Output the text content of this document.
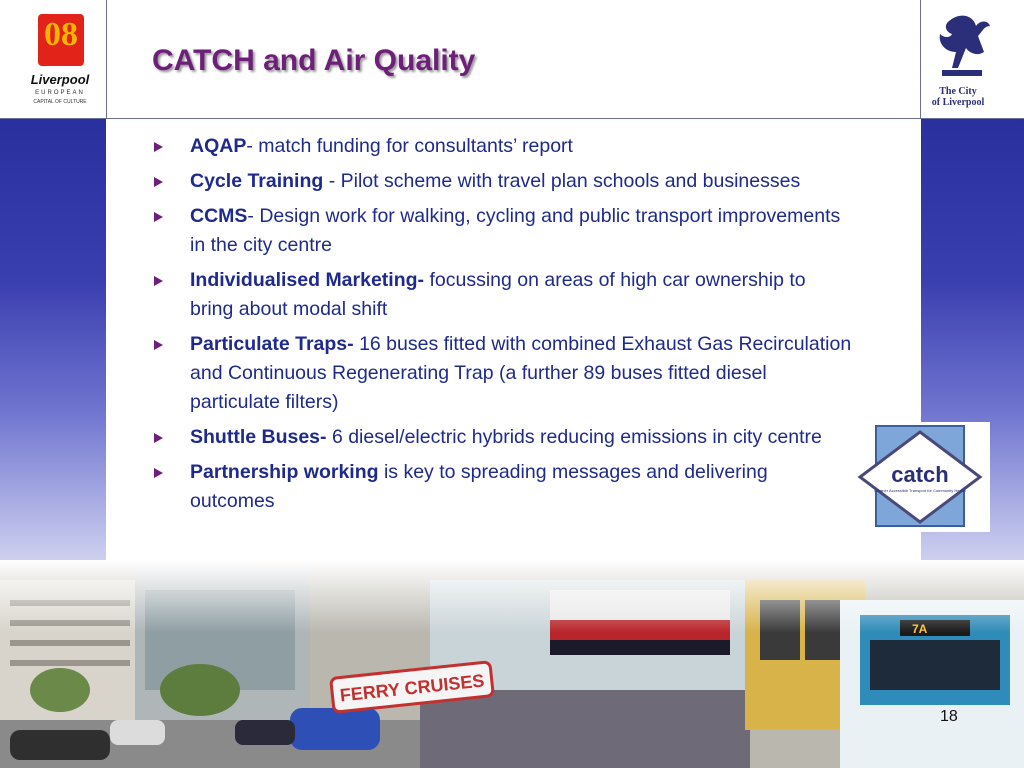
08
Liverpool
EUROPEAN
CAPITAL OF CULTURE
CATCH and Air Quality
The City
of Liverpool
AQAP- match funding for consultants’ report
Cycle Training - Pilot scheme with travel plan schools and businesses
CCMS- Design work for walking, cycling and public transport improvements in the city centre
Individualised Marketing- focussing on areas of high car ownership to bring about modal shift
Particulate Traps- 16 buses fitted with combined Exhaust Gas Recirculation and Continuous Regenerating Trap (a further 89 buses fitted diesel particulate filters)
Shuttle Buses- 6 diesel/electric hybrids reducing emissions in city centre
Partnership working is key to spreading messages and delivering outcomes
catch
Cleaner Accessible Transport for Community Health
18
